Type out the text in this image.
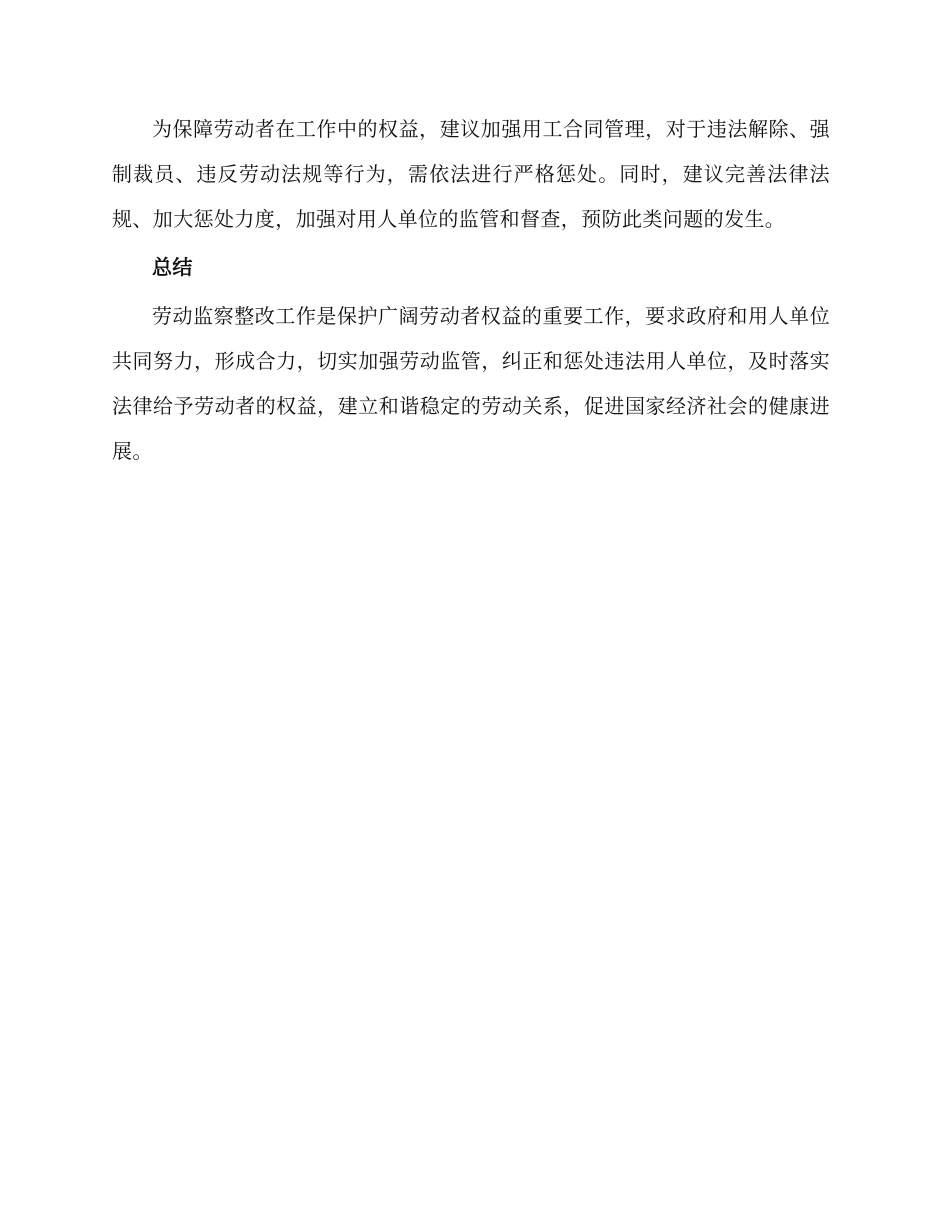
为保障劳动者在工作中的权益，建议加强用工合同管理，对于违法解除、强制裁员、违反劳动法规等行为，需依法进行严格惩处。同时，建议完善法律法规、加大惩处力度，加强对用人单位的监管和督查，预防此类问题的发生。

总结

劳动监察整改工作是保护广阔劳动者权益的重要工作，要求政府和用人单位共同努力，形成合力，切实加强劳动监管，纠正和惩处违法用人单位，及时落实法律给予劳动者的权益，建立和谐稳定的劳动关系，促进国家经济社会的健康进展。
